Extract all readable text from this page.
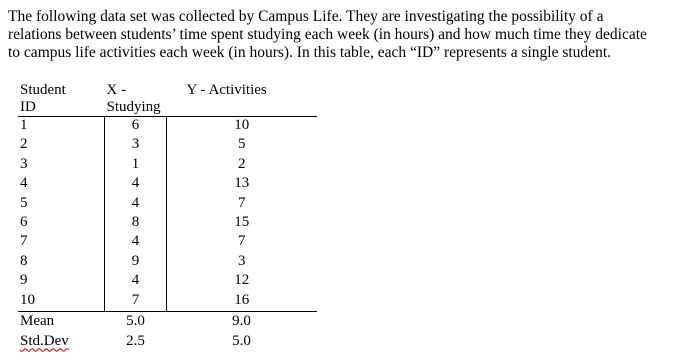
The following data set was collected by Campus Life. They are investigating the possibility of a
relations between students’ time spent studying each week (in hours) and how much time they dedicate
to campus life activities each week (in hours). In this table, each “ID” represents a single student.

Student	X -	Y - Activities

ID	Studying	

1	6	10
2	3	5
3	1	2
4	4	13
5	4	7
6	8	15
7	4	7
8	9	3
9	4	12
10	7	16
Mean	5.0	9.0
Std.Dev	2.5	5.0
